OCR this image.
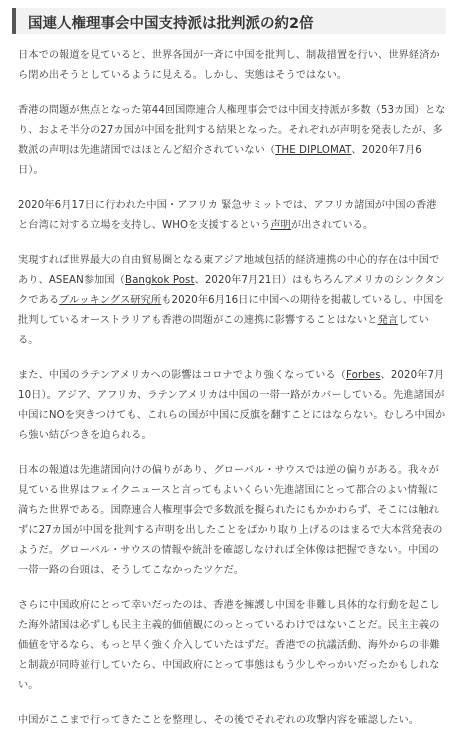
国連人権理事会中国支持派は批判派の約2倍

日本での報道を見ていると、世界各国が一斉に中国を批判し、制裁措置を行い、世界経済から閉め出そうとしているように見える。しかし、実態はそうではない。

香港の問題が焦点となった第44回国際連合人権理事会では中国支持派が多数（53カ国）となり、およそ半分の27カ国が中国を批判する結果となった。それぞれが声明を発表したが、多数派の声明は先進諸国ではほとんど紹介されていない（THE DIPLOMAT、2020年7月6日）。

2020年6月17日に行われた中国・アフリカ 緊急サミットでは、アフリカ諸国が中国の香港と台湾に対する立場を支持し、WHOを支援するという声明が出されている。

実現すれば世界最大の自由貿易圏となる東アジア地域包括的経済連携の中心的存在は中国であり、ASEAN参加国（Bangkok Post、2020年7月21日）はもちろんアメリカのシンクタンクであるブルッキングス研究所も2020年6月16日に中国への期待を掲載しているし、中国を批判しているオーストラリアも香港の問題がこの連携に影響することはないと発言している。

また、中国のラテンアメリカへの影響はコロナでより強くなっている（Forbes、2020年7月10日）。アジア、アフリカ、ラテンアメリカは中国の一帯一路がカバーしている。先進諸国が中国にNOを突きつけても、これらの国が中国に反旗を翻すことにはならない。むしろ中国から強い結びつきを迫られる。

日本の報道は先進諸国向けの偏りがあり、グローバル・サウスでは逆の偏りがある。我々が見ている世界はフェイクニュースと言ってもよいくらい先進諸国にとって都合のよい情報に満ちた世界である。国際連合人権理事会で多数派を擬られたにもかかわらず、そこには触れずに27カ国が中国を批判する声明を出したことをばかり取り上げるのはまるで大本営発表のようだ。グローバル・サウスの情報や統計を確認しなければ全体像は把握できない。中国の一帯一路の台頭は、そうしてこなかったツケだ。

さらに中国政府にとって幸いだったのは、香港を擁護し中国を非難し具体的な行動を起こした海外諸国は必ずしも民主主義的価値観にのっとっているわけではないことだ。民主主義の価値を守るなら、もっと早く強く介入していたはずだ。香港での抗議活動、海外からの非難と制裁が同時並行していたら、中国政府にとって事態はもう少しやっかいだったかもしれない。

中国がここまで行ってきたことを整理し、その後でそれぞれの攻撃内容を確認したい。
